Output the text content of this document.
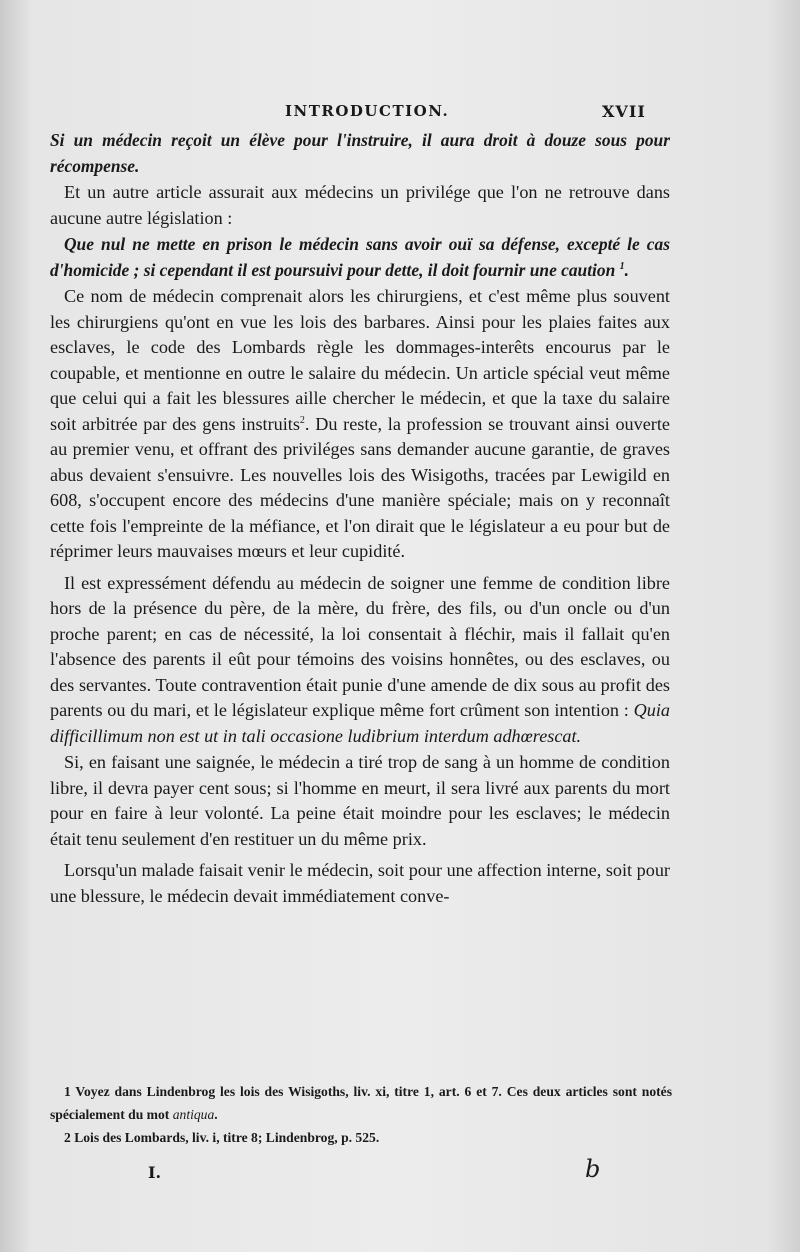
INTRODUCTION.	XVII

Si un médecin reçoit un élève pour l'instruire, il aura droit à douze sous pour récompense.

Et un autre article assurait aux médecins un privilége que l'on ne retrouve dans aucune autre législation :

Que nul ne mette en prison le médecin sans avoir ouï sa défense, excepté le cas d'homicide ; si cependant il est poursuivi pour dette, il doit fournir une caution $^1$.

Ce nom de médecin comprenait alors les chirurgiens, et c'est même plus souvent les chirurgiens qu'ont en vue les lois des barbares. Ainsi pour les plaies faites aux esclaves, le code des Lombards règle les dommages-interêts encourus par le coupable, et mentionne en outre le salaire du médecin. Un article spécial veut même que celui qui a fait les blessures aille chercher le médecin, et que la taxe du salaire soit arbitrée par des gens instruits$^2$. Du reste, la profession se trouvant ainsi ouverte au premier venu, et offrant des priviléges sans demander aucune garantie, de graves abus devaient s'ensuivre. Les nouvelles lois des Wisigoths, tracées par Lewigild en 608, s'occupent encore des médecins d'une manière spéciale; mais on y reconnaît cette fois l'empreinte de la méfiance, et l'on dirait que le législateur a eu pour but de réprimer leurs mauvaises mœurs et leur cupidité.

Il est expressément défendu au médecin de soigner une femme de condition libre hors de la présence du père, de la mère, du frère, des fils, ou d'un oncle ou d'un proche parent; en cas de nécessité, la loi consentait à fléchir, mais il fallait qu'en l'absence des parents il eût pour témoins des voisins honnêtes, ou des esclaves, ou des servantes. Toute contravention était punie d'une amende de dix sous au profit des parents ou du mari, et le législateur explique même fort crûment son intention : Quia difficillimum non est ut in tali occasione ludibrium interdum adhœrescat.

Si, en faisant une saignée, le médecin a tiré trop de sang à un homme de condition libre, il devra payer cent sous; si l'homme en meurt, il sera livré aux parents du mort pour en faire à leur volonté. La peine était moindre pour les esclaves; le médecin était tenu seulement d'en restituer un du même prix.

Lorsqu'un malade faisait venir le médecin, soit pour une affection interne, soit pour une blessure, le médecin devait immédiatement conve-

1 Voyez dans Lindenbrog les lois des Wisigoths, liv. xi, titre 1, art. 6 et 7. Ces deux articles sont notés spécialement du mot antiqua.

2 Lois des Lombards, liv. i, titre 8; Lindenbrog, p. 525.

I.	b
